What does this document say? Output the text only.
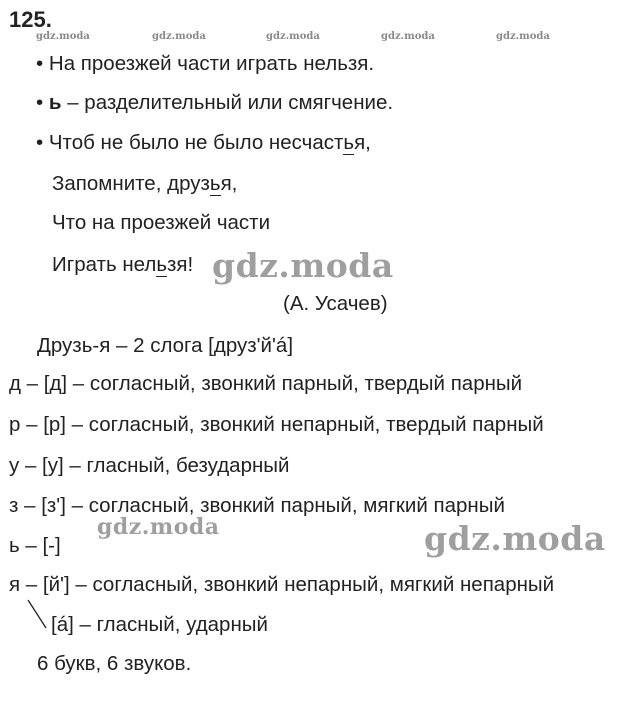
125.
gdz.moda	gdz.moda	gdz.moda	gdz.moda	gdz.moda
• На проезжей части играть нельзя.
• ь – разделительный или смягчение.
• Чтоб не было не было несчастья,
Запомните, друзья,
Что на проезжей части
Играть нельзя! gdz.moda
(А. Усачев)
Друзь-я – 2 слога [друз'й'á]
д – [д] – согласный, звонкий парный, твердый парный
р – [р] – согласный, звонкий непарный, твердый парный
у – [у] – гласный, безударный
з – [з'] – согласный, звонкий парный, мягкий парный
gdz.moda
ь – [-]	gdz.moda
я – [й'] – согласный, звонкий непарный, мягкий непарный
[á] – гласный, ударный
6 букв, 6 звуков.
